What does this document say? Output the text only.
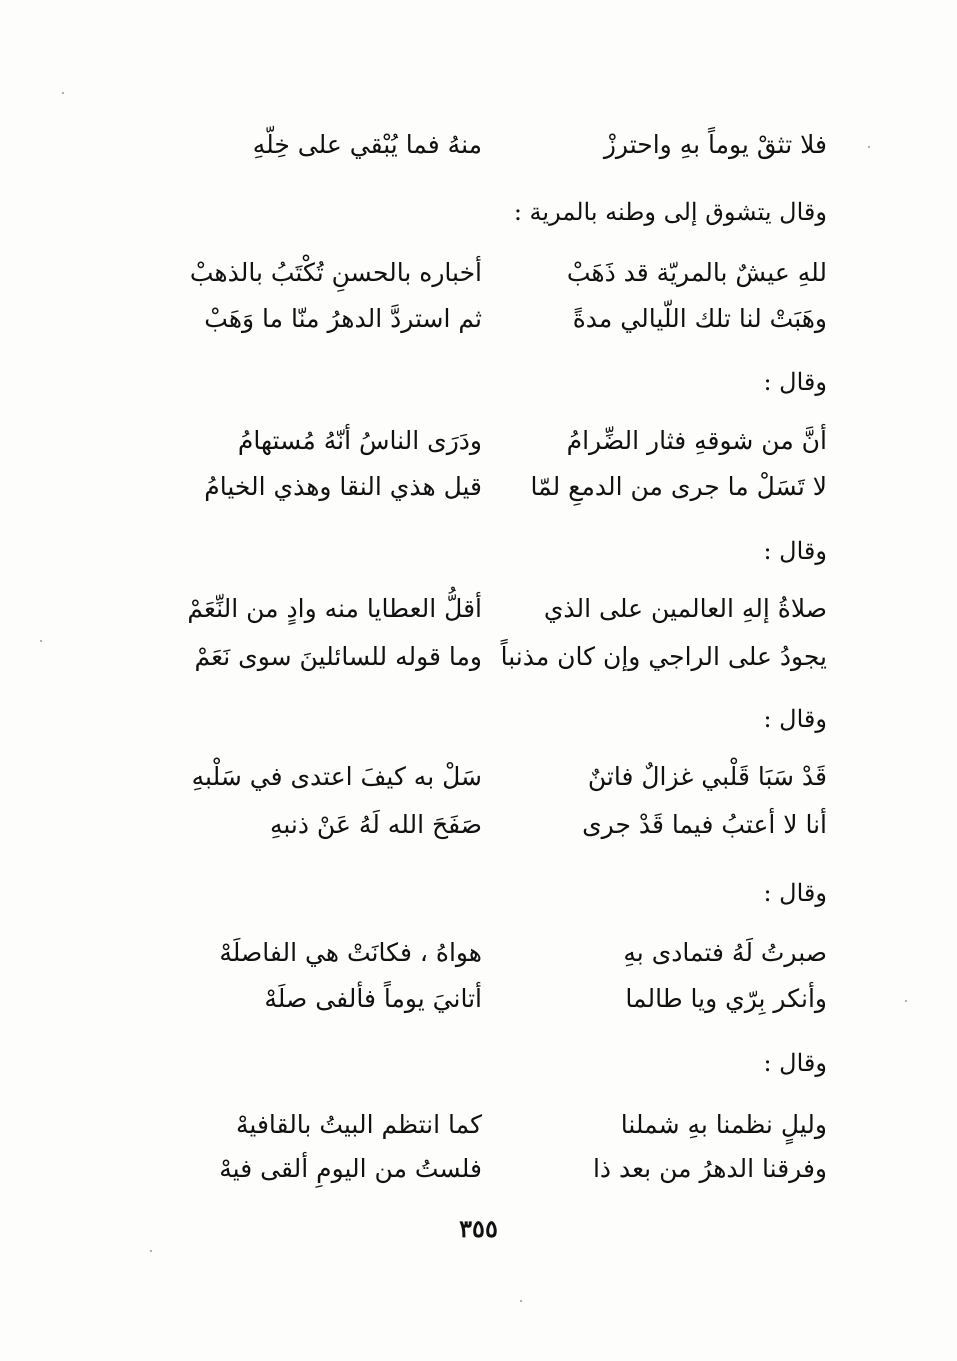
فلا تثقْ يوماً بهِ واحترزْ
منهُ فما يُبْقي على خِلّهِ
وقال يتشوق إلى وطنه بالمرية :
للهِ عيشٌ بالمريّة قد ذَهَبْ
أخباره بالحسنِ تُكْتَبُ بالذهبْ
وهَبَتْ لنا تلك اللّيالي مدةً
ثم استردَّ الدهرُ منّا ما وَهَبْ
وقال :
أنَّ من شوقهِ فثار الضِّرامُ
ودَرَى الناسُ أنّهُ مُستهامُ
لا تَسَلْ ما جرى من الدمعِ لمّا
قيل هذي النقا وهذي الخيامُ
وقال :
صلاةُ إلهِ العالمين على الذي
أقلُّ العطايا منه وادٍ من النِّعَمْ
يجودُ على الراجي وإن كان مذنباً
وما قوله للسائلينَ سوى نَعَمْ
وقال :
قَدْ سَبَا قَلْبي غزالٌ فاتنٌ
سَلْ به كيفَ اعتدى في سَلْبهِ
أنا لا أعتبُ فيما قَدْ جرى
صَفَحَ الله لَهُ عَنْ ذنبهِ
وقال :
صبرتُ لَهُ فتمادى بهِ
هواهُ ، فكانَتْ هي الفاصلَهْ
وأنكر بِرّي ويا طالما
أتانيَ يوماً فألفى صلَهْ
وقال :
وليلٍ نظمنا بهِ شملنا
كما انتظم البيتُ بالقافيهْ
وفرقنا الدهرُ من بعد ذا
فلستُ من اليومِ ألقى فيهْ
٣٥٥
